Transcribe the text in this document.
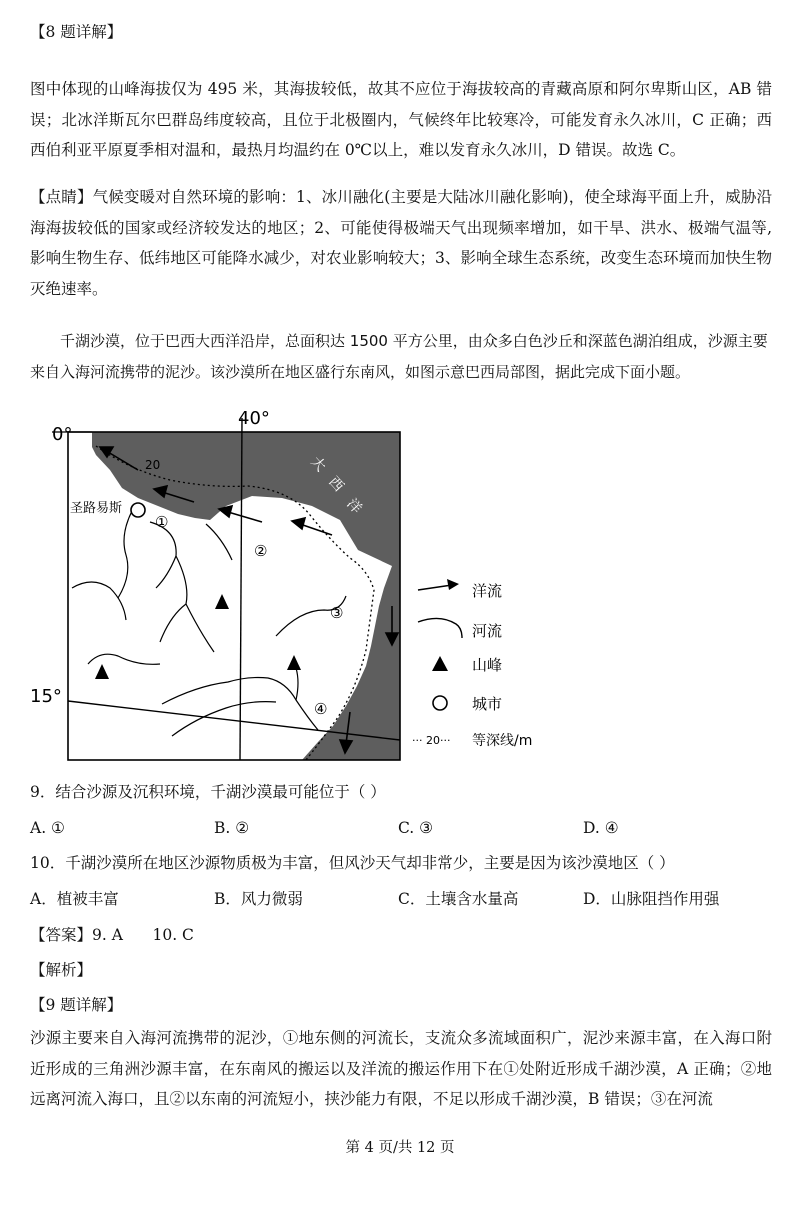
【8 题详解】
图中体现的山峰海拔仅为 495 米，其海拔较低，故其不应位于海拔较高的青藏高原和阿尔卑斯山区，AB 错误；北冰洋斯瓦尔巴群岛纬度较高，且位于北极圈内，气候终年比较寒冷，可能发育永久冰川，C 正确；西西伯利亚平原夏季相对温和，最热月均温约在 0℃以上，难以发育永久冰川，D 错误。故选 C。
【点睛】气候变暖对自然环境的影响：1、冰川融化(主要是大陆冰川融化影响)，使全球海平面上升，威胁沿海海拔较低的国家或经济较发达的地区；2、可能使得极端天气出现频率增加，如干旱、洪水、极端气温等,影响生物生存、低纬地区可能降水减少，对农业影响较大；3、影响全球生态系统，改变生态环境而加快生物灭绝速率。
千湖沙漠，位于巴西大西洋沿岸，总面积达 1500 平方公里，由众多白色沙丘和深蓝色湖泊组成，沙源主要来自入海河流携带的泥沙。该沙漠所在地区盛行东南风，如图示意巴西局部图，据此完成下面小题。
20
圣路易斯
①
②
③
④
大
西
洋
0°
40°
15°
洋流
河流
山峰
城市
··· 20··· 等深线/m
9．结合沙源及沉积环境，千湖沙漠最可能位于（ ）
A. ①	B. ②	C. ③	D. ④
10．千湖沙漠所在地区沙源物质极为丰富，但风沙天气却非常少，主要是因为该沙漠地区（ ）
A．植被丰富	B．风力微弱	C．土壤含水量高	D．山脉阻挡作用强
【答案】9. A      10. C
【解析】
【9 题详解】
沙源主要来自入海河流携带的泥沙，①地东侧的河流长，支流众多流域面积广，泥沙来源丰富，在入海口附近形成的三角洲沙源丰富，在东南风的搬运以及洋流的搬运作用下在①处附近形成千湖沙漠，A 正确；②地远离河流入海口，且②以东南的河流短小，挟沙能力有限，不足以形成千湖沙漠，B 错误；③在河流
第 4 页/共 12 页
